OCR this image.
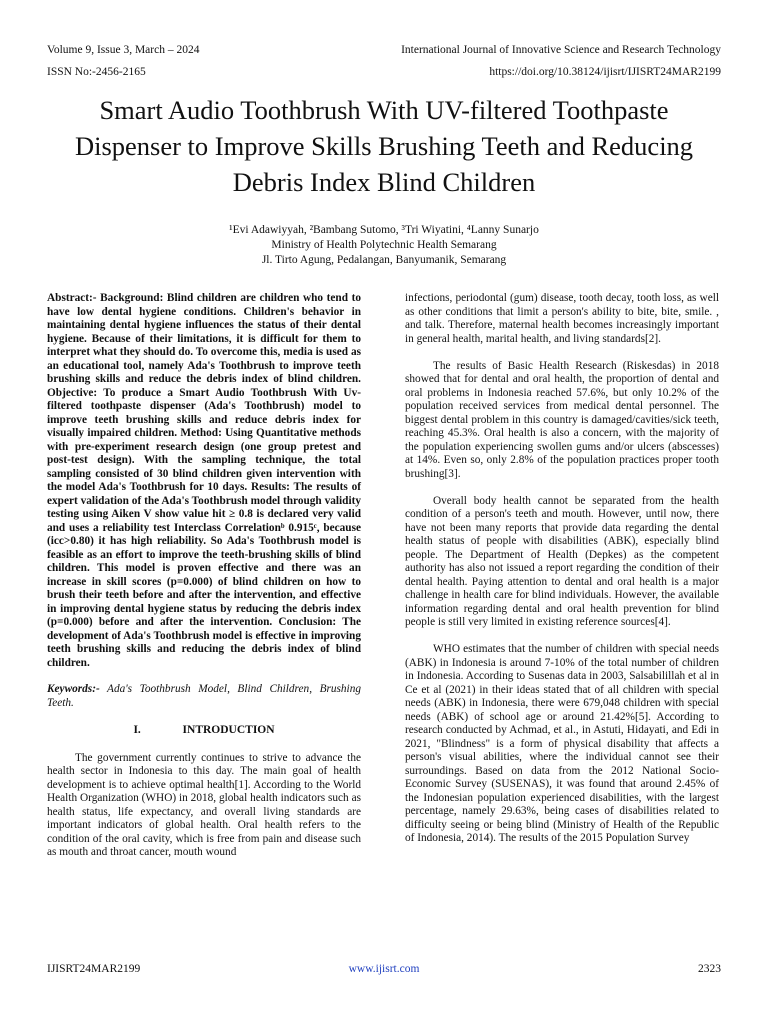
Volume 9, Issue 3, March – 2024	International Journal of Innovative Science and Research Technology
ISSN No:-2456-2165	https://doi.org/10.38124/ijisrt/IJISRT24MAR2199
Smart Audio Toothbrush With UV-filtered Toothpaste Dispenser to Improve Skills Brushing Teeth and Reducing Debris Index Blind Children
¹Evi Adawiyyah, ²Bambang Sutomo, ³Tri Wiyatini, ⁴Lanny Sunarjo
Ministry of Health Polytechnic Health Semarang
Jl. Tirto Agung, Pedalangan, Banyumanik, Semarang

Abstract:- Background: Blind children are children who tend to have low dental hygiene conditions. Children's behavior in maintaining dental hygiene influences the status of their dental hygiene. Because of their limitations, it is difficult for them to interpret what they should do. To overcome this, media is used as an educational tool, namely Ada's Toothbrush to improve teeth brushing skills and reduce the debris index of blind children. Objective: To produce a Smart Audio Toothbrush With Uv-filtered toothpaste dispenser (Ada's Toothbrush) model to improve teeth brushing skills and reduce debris index for visually impaired children. Method: Using Quantitative methods with pre-experiment research design (one group pretest and post-test design). With the sampling technique, the total sampling consisted of 30 blind children given intervention with the model Ada's Toothbrush for 10 days. Results: The results of expert validation of the Ada's Toothbrush model through validity testing using Aiken V show value hit ≥ 0.8 is declared very valid and uses a reliability test Interclass Correlationᵇ 0.915ᶜ, because (icc>0.80) it has high reliability. So Ada's Toothbrush model is feasible as an effort to improve the teeth-brushing skills of blind children. This model is proven effective and there was an increase in skill scores (p=0.000) of blind children on how to brush their teeth before and after the intervention, and effective in improving dental hygiene status by reducing the debris index (p=0.000) before and after the intervention. Conclusion: The development of Ada's Toothbrush model is effective in improving teeth brushing skills and reducing the debris index of blind children.

Keywords:- Ada's Toothbrush Model, Blind Children, Brushing Teeth.

I.	INTRODUCTION

The government currently continues to strive to advance the health sector in Indonesia to this day. The main goal of health development is to achieve optimal health[1]. According to the World Health Organization (WHO) in 2018, global health indicators such as health status, life expectancy, and overall living standards are important indicators of global health. Oral health refers to the condition of the oral cavity, which is free from pain and disease such as mouth and throat cancer, mouth wound

infections, periodontal (gum) disease, tooth decay, tooth loss, as well as other conditions that limit a person's ability to bite, bite, smile. , and talk. Therefore, maternal health becomes increasingly important in general health, marital health, and living standards[2].

The results of Basic Health Research (Riskesdas) in 2018 showed that for dental and oral health, the proportion of dental and oral problems in Indonesia reached 57.6%, but only 10.2% of the population received services from medical dental personnel. The biggest dental problem in this country is damaged/cavities/sick teeth, reaching 45.3%. Oral health is also a concern, with the majority of the population experiencing swollen gums and/or ulcers (abscesses) at 14%. Even so, only 2.8% of the population practices proper tooth brushing[3].

Overall body health cannot be separated from the health condition of a person's teeth and mouth. However, until now, there have not been many reports that provide data regarding the dental health status of people with disabilities (ABK), especially blind people. The Department of Health (Depkes) as the competent authority has also not issued a report regarding the condition of their dental health. Paying attention to dental and oral health is a major challenge in health care for blind individuals. However, the available information regarding dental and oral health prevention for blind people is still very limited in existing reference sources[4].

WHO estimates that the number of children with special needs (ABK) in Indonesia is around 7-10% of the total number of children in Indonesia. According to Susenas data in 2003, Salsabilillah et al in Ce et al (2021) in their ideas stated that of all children with special needs (ABK) in Indonesia, there were 679,048 children with special needs (ABK) of school age or around 21.42%[5]. According to research conducted by Achmad, et al., in Astuti, Hidayati, and Edi in 2021, "Blindness" is a form of physical disability that affects a person's visual abilities, where the individual cannot see their surroundings. Based on data from the 2012 National Socio-Economic Survey (SUSENAS), it was found that around 2.45% of the Indonesian population experienced disabilities, with the largest percentage, namely 29.63%, being cases of disabilities related to difficulty seeing or being blind (Ministry of Health of the Republic of Indonesia, 2014). The results of the 2015 Population Survey

IJISRT24MAR2199	www.ijisrt.com	2323
